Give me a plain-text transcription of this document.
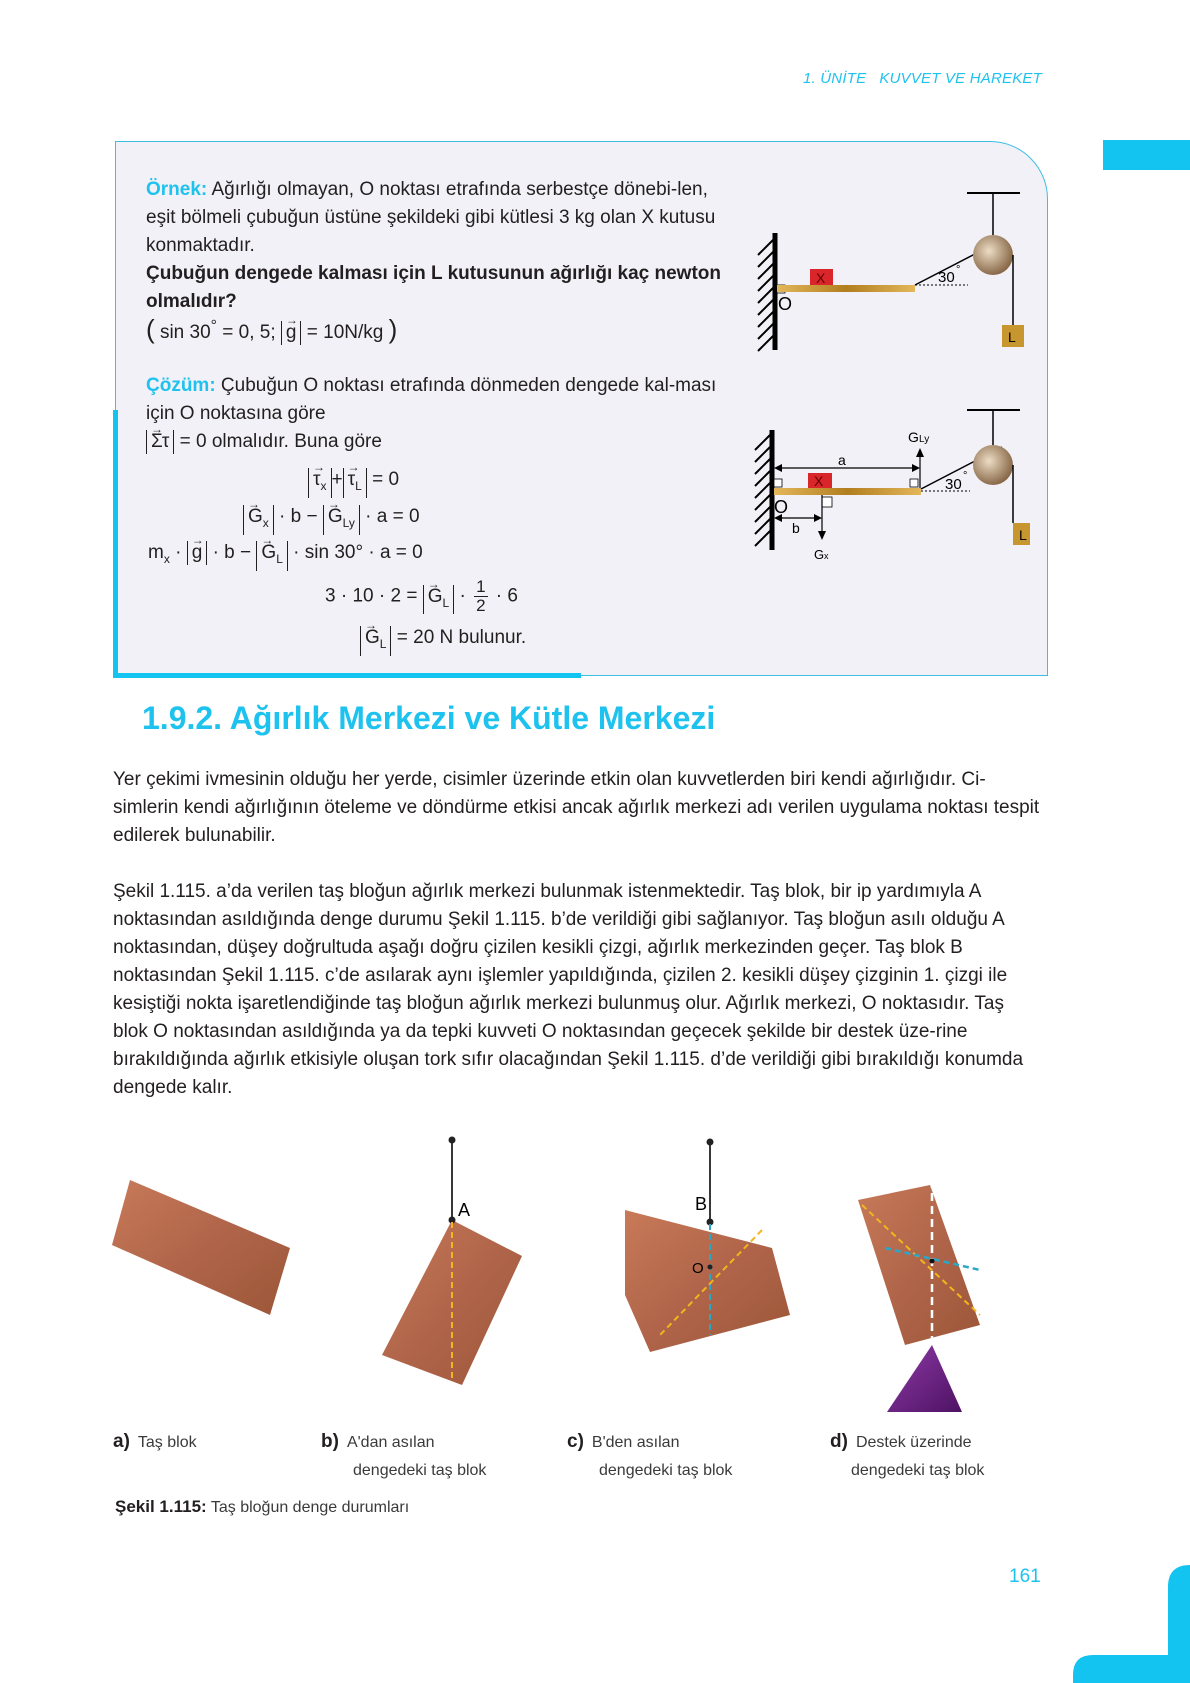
1. ÜNİTE   KUVVET VE HAREKET
Örnek: Ağırlığı olmayan, O noktası etrafında serbestçe dönebi-len, eşit bölmeli çubuğun üstüne şekildeki gibi kütlesi 3 kg olan X kutusu konmaktadır.
Çubuğun dengede kalması için L kutusunun ağırlığı kaç newton olmalıdır?
( sin 30° = 0, 5; → g = 10N/kg )
X
O
30 °
L
Çözüm: Çubuğun O noktası etrafında dönmeden dengede kal-ması için O noktasına göre
→ Στ = 0 olmalıdır. Buna göre
→ $\tau_x$ + → $\tau_L = 0$
→ $G_x \cdot b$ − → $G_{Ly} \cdot a = 0$
$m_x$ · → g · b − → $G_L \cdot \sin 30^\circ \cdot a = 0$
3 · 10 · 2 = → $G_L \cdot \frac{1}{2} \cdot 6$
→ $G_L = 20$ N bulunur.
a
X
O
b
G x
G Ly
30 °
L
1.9.2. Ağırlık Merkezi ve Kütle Merkezi
Yer çekimi ivmesinin olduğu her yerde, cisimler üzerinde etkin olan kuvvetlerden biri kendi ağırlığıdır. Ci-simlerin kendi ağırlığının öteleme ve döndürme etkisi ancak ağırlık merkezi adı verilen uygulama noktası tespit edilerek bulunabilir.
Şekil 1.115. a’da verilen taş bloğun ağırlık merkezi bulunmak istenmektedir. Taş blok, bir ip yardımıyla A noktasından asıldığında denge durumu Şekil 1.115. b’de verildiği gibi sağlanıyor. Taş bloğun asılı olduğu A noktasından, düşey doğrultuda aşağı doğru çizilen kesikli çizgi, ağırlık merkezinden geçer. Taş blok B noktasından Şekil 1.115. c’de asılarak aynı işlemler yapıldığında, çizilen 2. kesikli düşey çizginin 1. çizgi ile kesiştiği nokta işaretlendiğinde taş bloğun ağırlık merkezi bulunmuş olur. Ağırlık merkezi, O noktasıdır. Taş blok O noktasından asıldığında ya da tepki kuvveti O noktasından geçecek şekilde bir destek üze-rine bırakıldığında ağırlık etkisiyle oluşan tork sıfır olacağından Şekil 1.115. d’de verildiği gibi bırakıldığı konumda dengede kalır.
A	B
O
a) Taş blok	b) A'dan asılan
dengedeki taş blok
c) B'den asılan
dengedeki taş blok
d) Destek üzerinde
dengedeki taş blok
Şekil 1.115: Taş bloğun denge durumları
161
